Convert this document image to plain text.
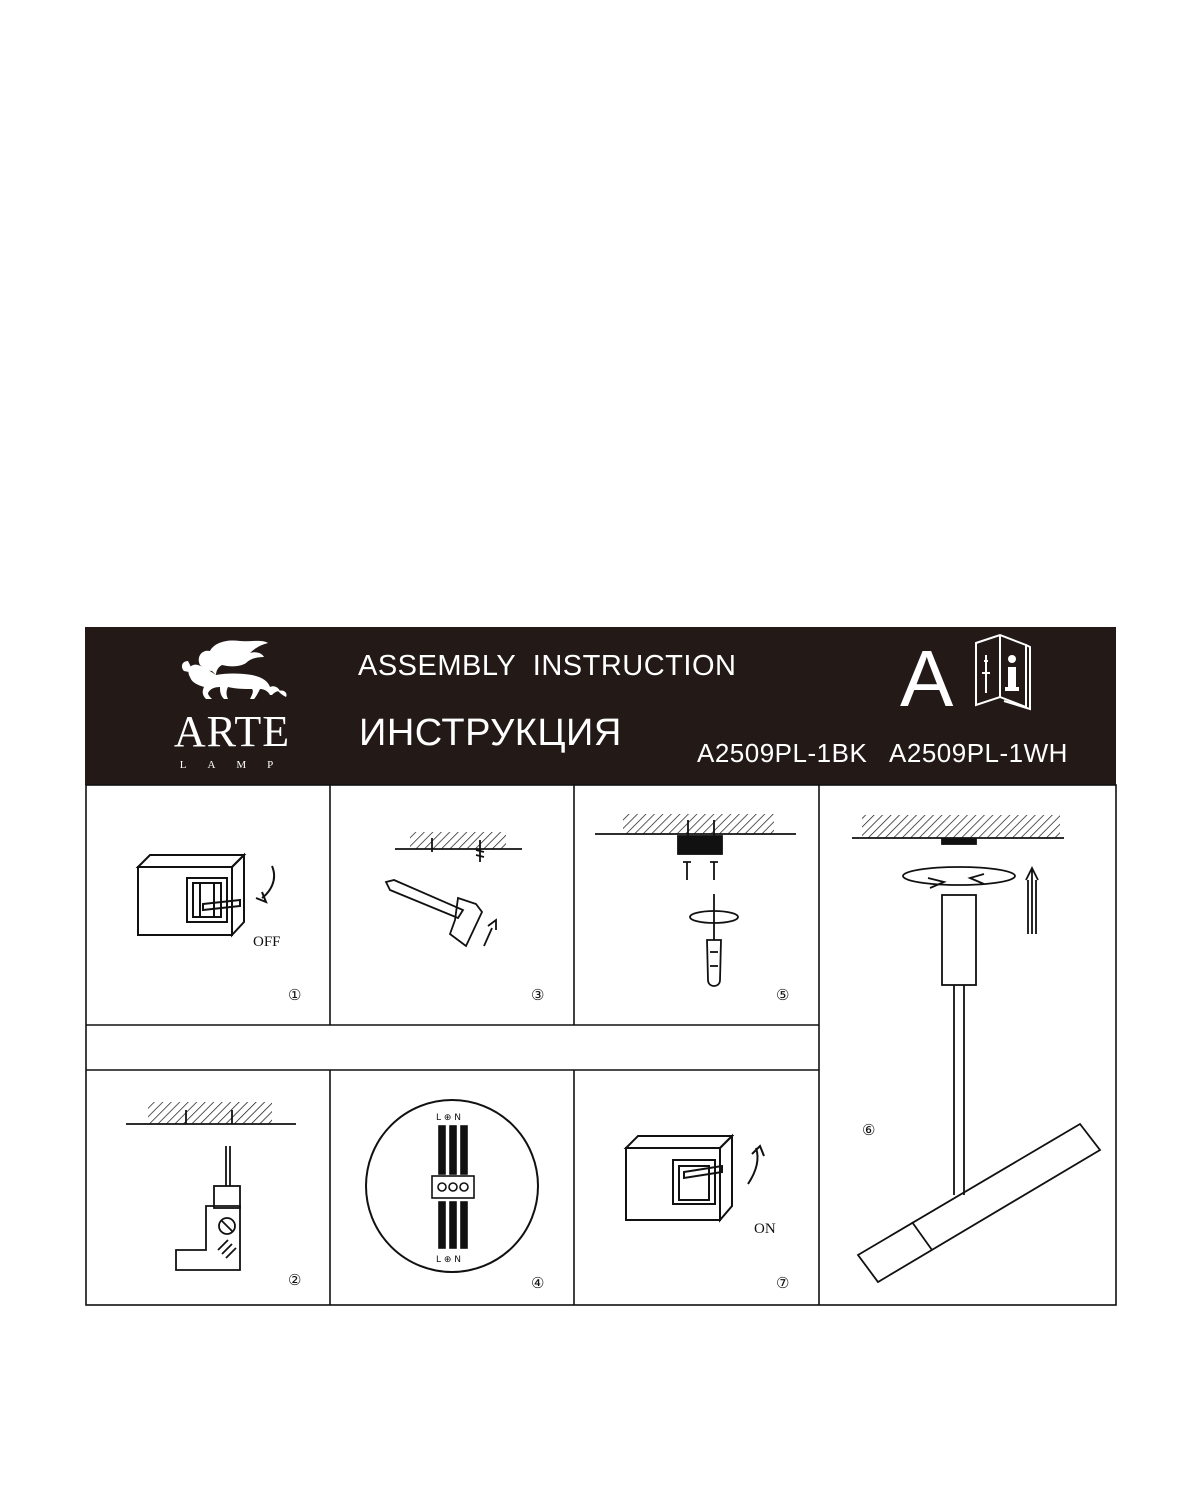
ARTE
LAMP
ASSEMBLY  INSTRUCTION
ИНСТРУКЦИЯ	A2509PL-1BK   A2509PL-1WH
A
OFF
①	③	⑤
②
L ⊕ N
L ⊕ N
④
ON
⑦
⑥
